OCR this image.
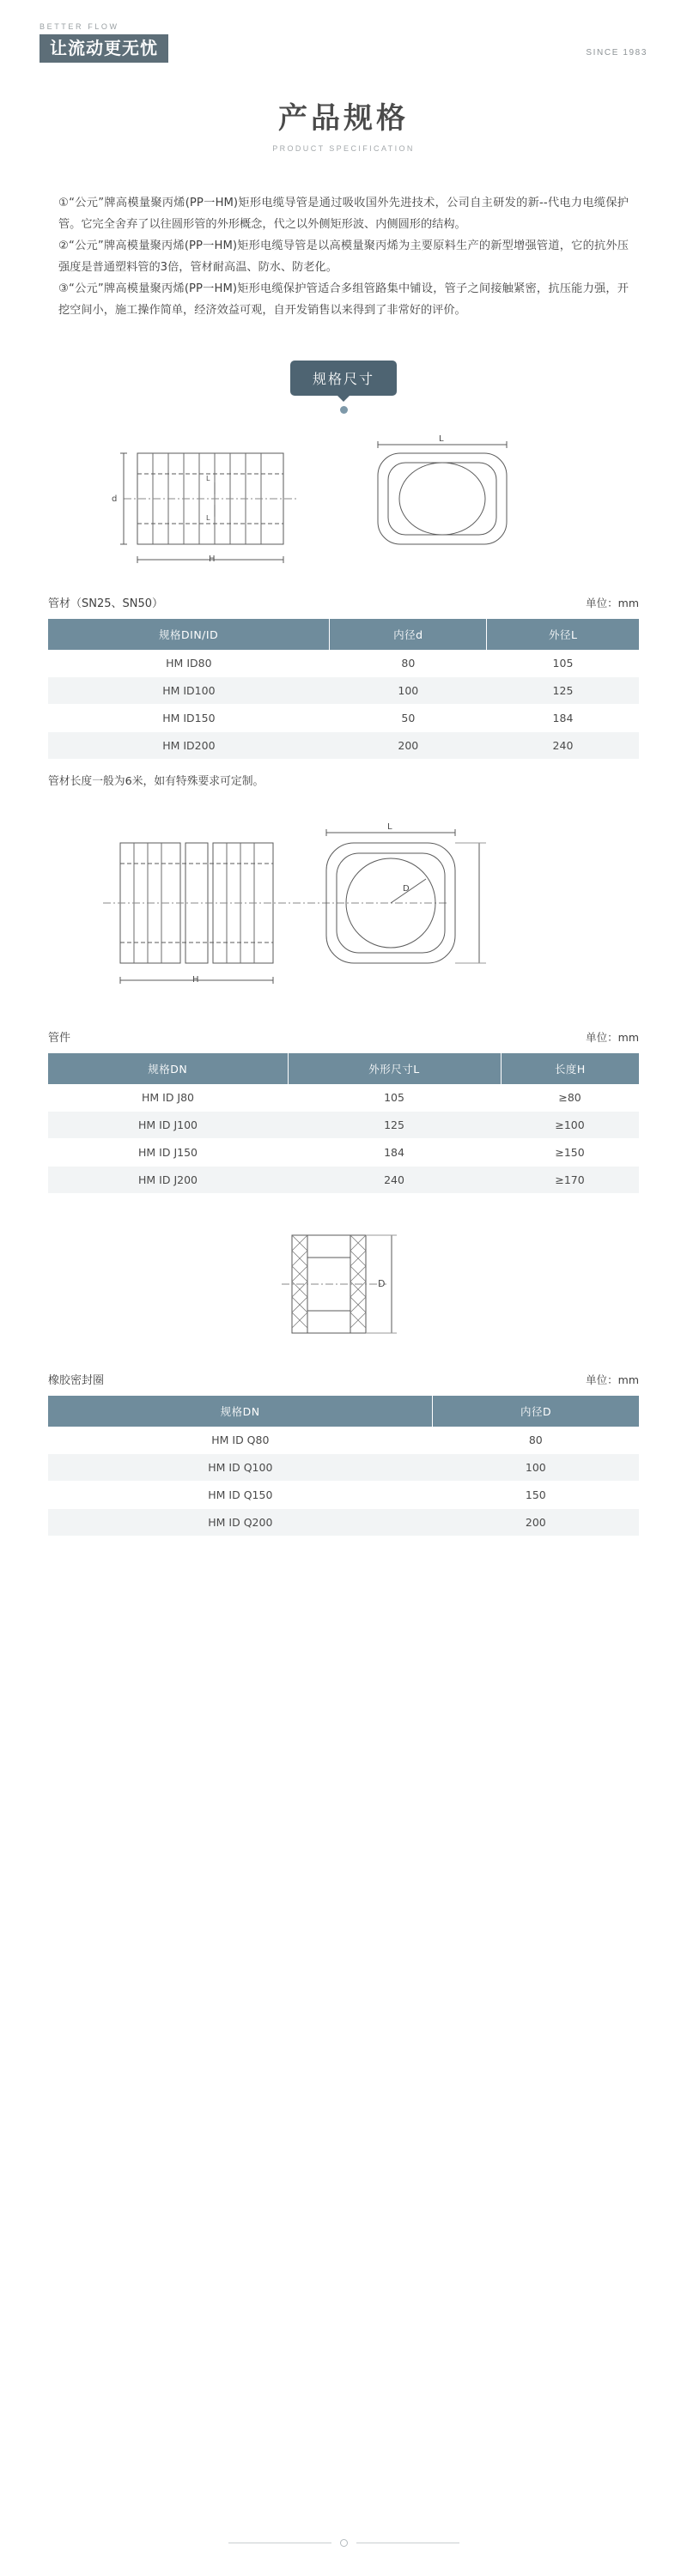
BETTER FLOW
让流动更无忧	SINCE 1983
产品规格
PRODUCT SPECIFICATION

①“公元”牌高模量聚丙烯(PP一HM)矩形电缆导管是通过吸收国外先进技术，公司自主研发的新--代电力电缆保护管。它完全舍弃了以往圆形管的外形概念，代之以外侧矩形波、内侧圆形的结构。

②“公元”牌高模量聚丙烯(PP一HM)矩形电缆导管是以高模量聚丙烯为主要原料生产的新型增强管道，它的抗外压强度是普通塑料管的3倍，管材耐高温、防水、防老化。

③“公元”牌高模量聚丙烯(PP一HM)矩形电缆保护管适合多组管路集中铺设，管子之间接触紧密，抗压能力强，开挖空间小，施工操作简单，经济效益可观，自开发销售以来得到了非常好的评价。

规格尺寸
d
L
H
L
L
管材（SN25、SN50）	单位：mm
规格DIN/ID	内径d	外径L
HM ID80	80	105
HM ID100	100	125
HM ID150	50	184
HM ID200	200	240
管材长度一般为6米，如有特殊要求可定制。
L
D
H
管件	单位：mm
规格DN	外形尺寸L	长度H
HM ID J80	105	≥80
HM ID J100	125	≥100
HM ID J150	184	≥150
HM ID J200	240	≥170
D
橡胶密封圈	单位：mm
规格DN	内径D
HM ID Q80	80
HM ID Q100	100
HM ID Q150	150
HM ID Q200	200
